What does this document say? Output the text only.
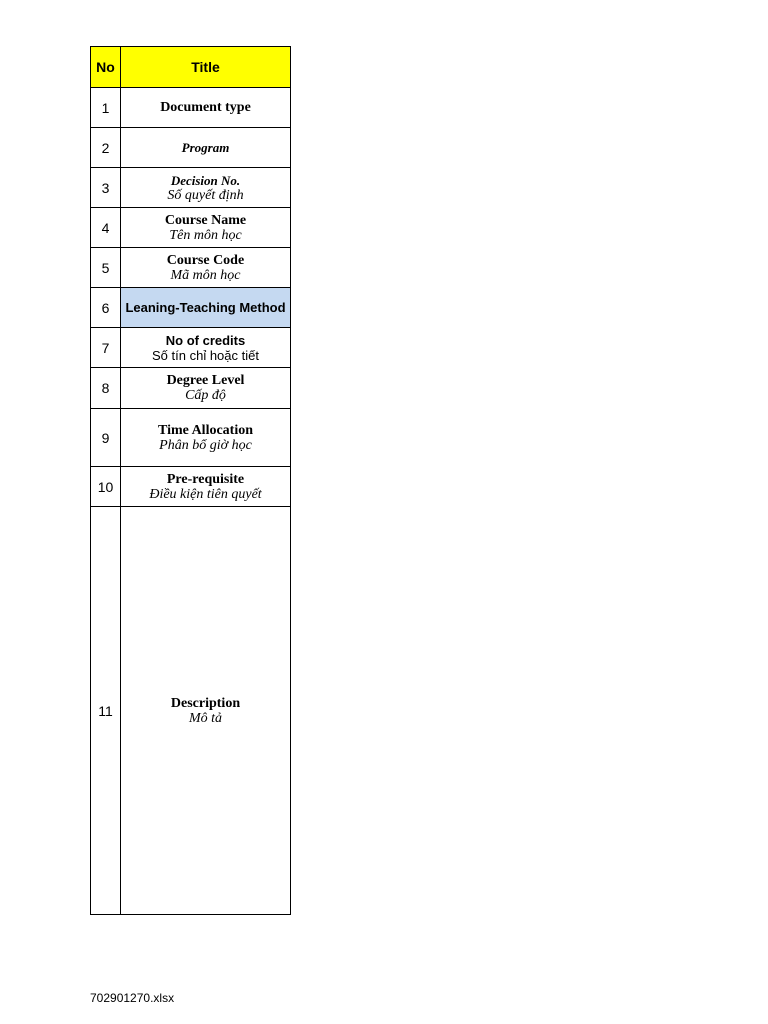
No	Title
1	Document type

2	Program

3	Decision No.
Số quyết định

4	Course Name
Tên môn học

5	Course Code
Mã môn học

6	Leaning-Teaching Method

7	No of credits
Số tín chỉ hoặc tiết

8	Degree Level
Cấp độ

9	Time Allocation
Phân bổ giờ học

10	Pre-requisite
Điều kiện tiên quyết

11	Description
Mô tả
702901270.xlsx
